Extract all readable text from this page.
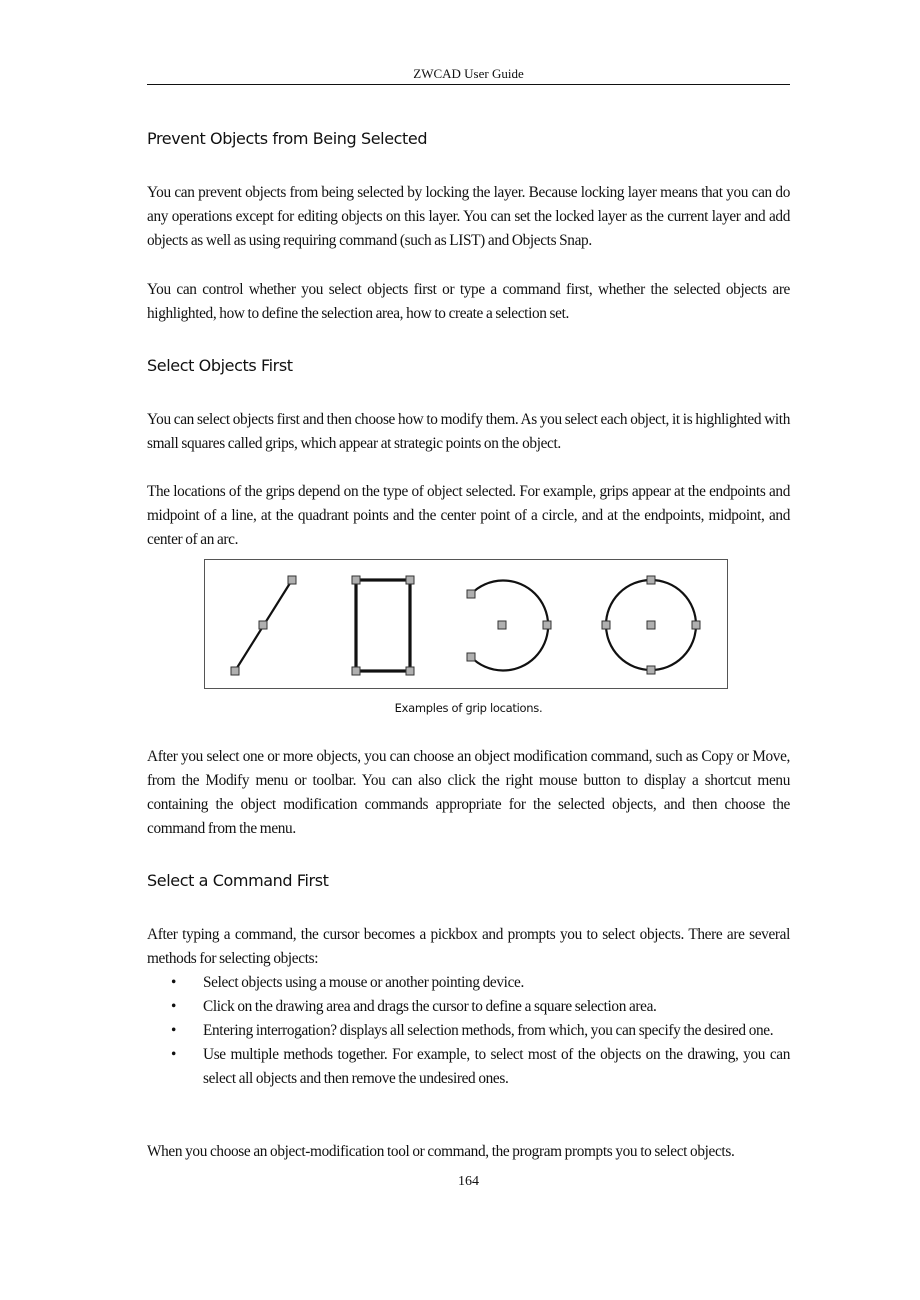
ZWCAD User Guide
Prevent Objects from Being Selected

You can prevent objects from being selected by locking the layer. Because locking layer means that you can do any operations except for editing objects on this layer. You can set the locked layer as the current layer and add objects as well as using requiring command (such as LIST) and Objects Snap.

You can control whether you select objects first or type a command first, whether the selected objects are highlighted, how to define the selection area, how to create a selection set.

Select Objects First

You can select objects first and then choose how to modify them. As you select each object, it is highlighted with small squares called grips, which appear at strategic points on the object.

The locations of the grips depend on the type of object selected. For example, grips appear at the endpoints and midpoint of a line, at the quadrant points and the center point of a circle, and at the endpoints, midpoint, and center of an arc.

Examples of grip locations.

After you select one or more objects, you can choose an object modification command, such as Copy or Move, from the Modify menu or toolbar. You can also click the right mouse button to display a shortcut menu containing the object modification commands appropriate for the selected objects, and then choose the command from the menu.

Select a Command First

After typing a command, the cursor becomes a pickbox and prompts you to select objects. There are several methods for selecting objects:

• Select objects using a mouse or another pointing device.
• Click on the drawing area and drags the cursor to define a square selection area.
• Entering interrogation? displays all selection methods, from which, you can specify the desired one.
• Use multiple methods together. For example, to select most of the objects on the drawing, you can select all objects and then remove the undesired ones.

When you choose an object-modification tool or command, the program prompts you to select objects.

164
